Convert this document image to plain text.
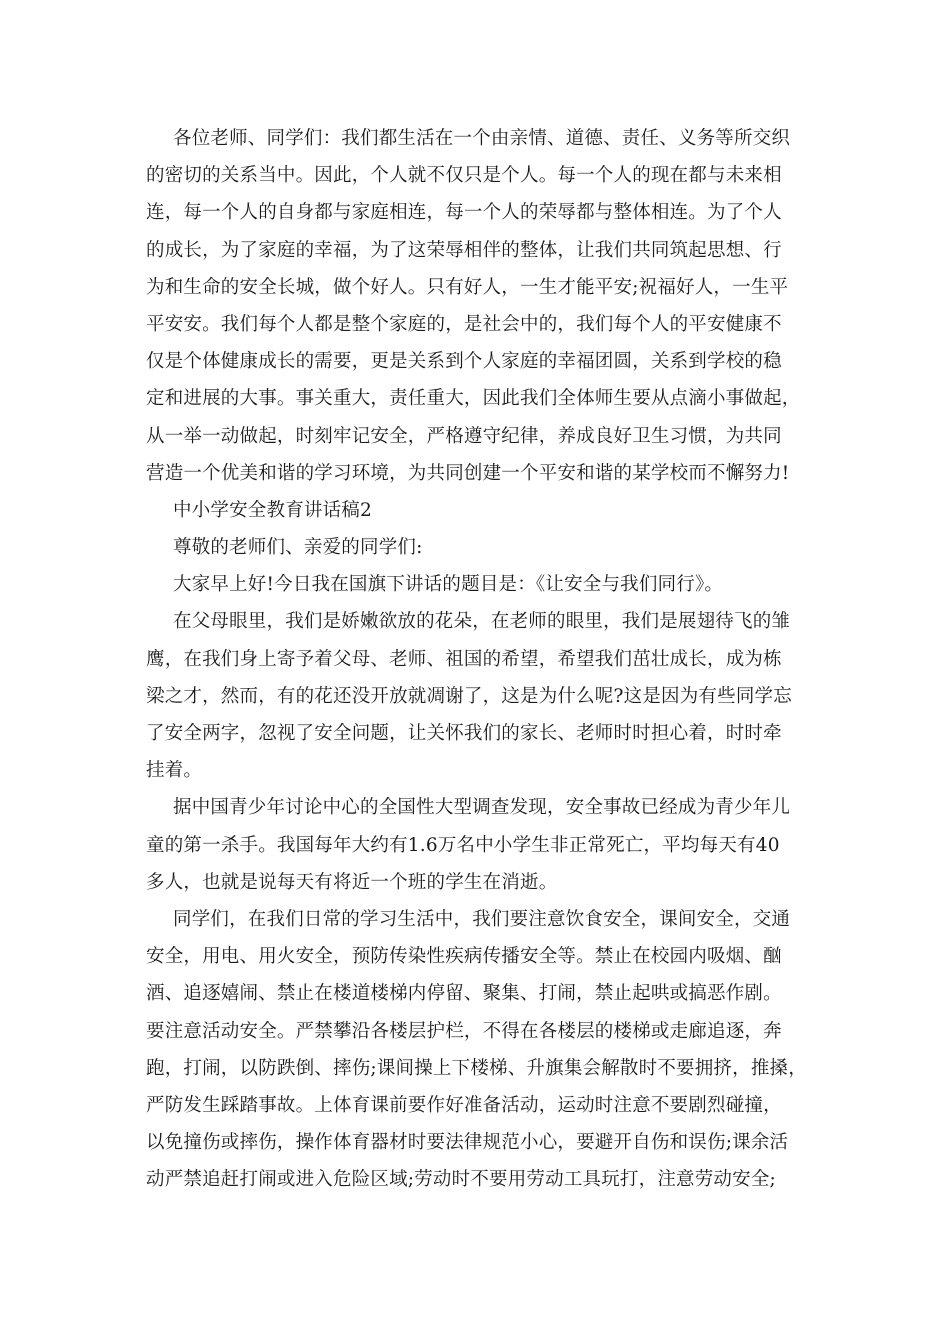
各位老师、同学们：我们都生活在一个由亲情、道德、责任、义务等所交织
的密切的关系当中。因此，个人就不仅只是个人。每一个人的现在都与未来相
连，每一个人的自身都与家庭相连，每一个人的荣辱都与整体相连。为了个人
的成长，为了家庭的幸福，为了这荣辱相伴的整体，让我们共同筑起思想、行
为和生命的安全长城，做个好人。只有好人，一生才能平安;祝福好人，一生平
平安安。我们每个人都是整个家庭的，是社会中的，我们每个人的平安健康不
仅是个体健康成长的需要，更是关系到个人家庭的幸福团圆，关系到学校的稳
定和进展的大事。事关重大，责任重大，因此我们全体师生要从点滴小事做起，
从一举一动做起，时刻牢记安全，严格遵守纪律，养成良好卫生习惯，为共同
营造一个优美和谐的学习环境，为共同创建一个平安和谐的某学校而不懈努力!
中小学安全教育讲话稿2
尊敬的老师们、亲爱的同学们:
大家早上好!今日我在国旗下讲话的题目是：《让安全与我们同行》。
在父母眼里，我们是娇嫩欲放的花朵，在老师的眼里，我们是展翅待飞的雏
鹰，在我们身上寄予着父母、老师、祖国的希望，希望我们茁壮成长，成为栋
梁之才，然而，有的花还没开放就凋谢了，这是为什么呢?这是因为有些同学忘
了安全两字，忽视了安全问题，让关怀我们的家长、老师时时担心着，时时牵
挂着。
据中国青少年讨论中心的全国性大型调查发现，安全事故已经成为青少年儿
童的第一杀手。我国每年大约有1.6万名中小学生非正常死亡，平均每天有40
多人，也就是说每天有将近一个班的学生在消逝。
同学们，在我们日常的学习生活中，我们要注意饮食安全，课间安全，交通
安全，用电、用火安全，预防传染性疾病传播安全等。禁止在校园内吸烟、酗
酒、追逐嬉闹、禁止在楼道楼梯内停留、聚集、打闹，禁止起哄或搞恶作剧。
要注意活动安全。严禁攀沿各楼层护栏，不得在各楼层的楼梯或走廊追逐，奔
跑，打闹，以防跌倒、摔伤;课间操上下楼梯、升旗集会解散时不要拥挤，推搡，
严防发生踩踏事故。上体育课前要作好准备活动，运动时注意不要剧烈碰撞，
以免撞伤或摔伤，操作体育器材时要法律规范小心，要避开自伤和误伤;课余活
动严禁追赶打闹或进入危险区域;劳动时不要用劳动工具玩打，注意劳动安全;
